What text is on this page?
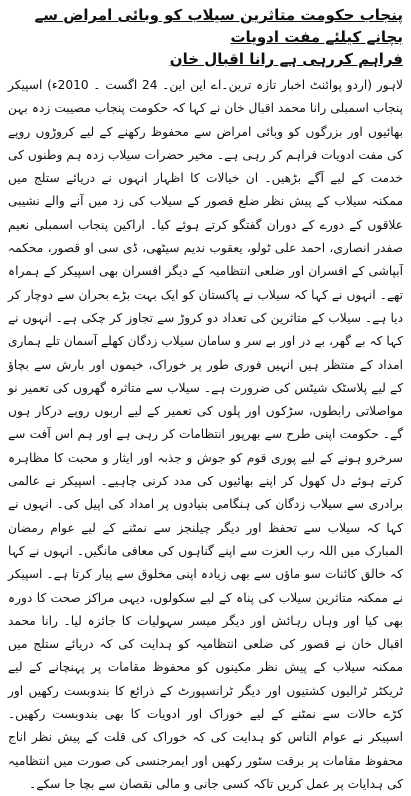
پنجاب حکومت متاثرین سیلاب کو وبائی امراض سے بچانے کیلئے مفت ادویات
فراہم کررہی ہے رانا اقبال خان

لاہور (اردو پوائنٹ اخبار تازہ ترین۔اے این این۔ 24 اگست ۔ 2010ء) اسپیکر پنجاب اسمبلی رانا محمد اقبال خان نے کہا کہ حکومت پنجاب مصیبت زدہ بہن بھائیوں اور بزرگوں کو وبائی امراض سے محفوظ رکھنے کے لیے کروڑوں روپے کی مفت ادویات فراہم کر رہی ہے۔ مخیر حضرات سیلاب زدہ ہم وطنوں کی خدمت کے لیے آگے بڑھیں۔ ان خیالات کا اظہار انہوں نے دریائے ستلج میں ممکنہ سیلاب کے پیش نظر ضلع قصور کے سیلاب کی زد میں آنے والے نشیبی علاقوں کے دورے کے دوران گفتگو کرتے ہوئے کیا۔ اراکین پنجاب اسمبلی نعیم صفدر انصاری، احمد علی ٹولو، یعقوب ندیم سیٹھی، ڈی سی او قصور، محکمہ آبپاشی کے افسران اور ضلعی انتظامیہ کے دیگر افسران بھی اسپیکر کے ہمراہ تھے۔ انہوں نے کہا کہ سیلاب نے پاکستان کو ایک بہت بڑے بحران سے دوچار کر دیا ہے۔ سیلاب کے متاثرین کی تعداد دو کروڑ سے تجاوز کر چکی ہے۔ انہوں نے کہا کہ بے گھر، بے در اور بے سر و سامان سیلاب زدگان کھلے آسمان تلے ہماری امداد کے منتظر ہیں انہیں فوری طور پر خوراک، خیموں اور بارش سے بچاؤ کے لیے پلاسٹک شیٹس کی ضرورت ہے۔ سیلاب سے متاثرہ گھروں کی تعمیر نو مواصلاتی رابطوں، سڑکوں اور پلوں کی تعمیر کے لیے اربوں روپے درکار ہوں گے۔ حکومت اپنی طرح سے بھرپور انتظامات کر رہی ہے اور ہم اس آفت سے سرخرو ہونے کے لیے پوری قوم کو جوش و جذبہ اور ایثار و محبت کا مظاہرہ کرتے ہوئے دل کھول کر اپنے بھائیوں کی مدد کرنی چاہیے۔ اسپیکر نے عالمی برادری سے سیلاب زدگان کی ہنگامی بنیادوں پر امداد کی اپیل کی۔ انہوں نے کہا کہ سیلاب سے تحفظ اور دیگر چیلنجز سے نمٹنے کے لیے عوام رمضان المبارک میں اللہ رب العزت سے اپنے گناہوں کی معافی مانگیں۔ انہوں نے کہا کہ خالق کائنات سو ماؤں سے بھی زیادہ اپنی مخلوق سے پیار کرتا ہے۔ اسپیکر نے ممکنہ متاثرین سیلاب کی پناہ کے لیے سکولوں، دیہی مراکز صحت کا دورہ بھی کیا اور وہاں رہائش اور دیگر میسر سہولیات کا جائزہ لیا۔ رانا محمد اقبال خان نے قصور کی ضلعی انتظامیہ کو ہدایت کی کہ دریائے ستلج میں ممکنہ سیلاب کے پیش نظر مکینوں کو محفوظ مقامات پر پہنچانے کے لیے ٹریکٹر ٹرالیوں کشتیوں اور دیگر ٹرانسپورٹ کے ذرائع کا بندوبست رکھیں اور کڑے حالات سے نمٹنے کے لیے خوراک اور ادویات کا بھی بندوبست رکھیں۔ اسپیکر نے عوام الناس کو ہدایت کی کہ خوراک کی قلت کے پیش نظر اناج محفوظ مقامات پر برقت سٹور رکھیں اور ایمرجنسی کی صورت میں انتظامیہ کی ہدایات پر عمل کریں تاکہ کسی جانی و مالی نقصان سے بچا جا سکے۔
